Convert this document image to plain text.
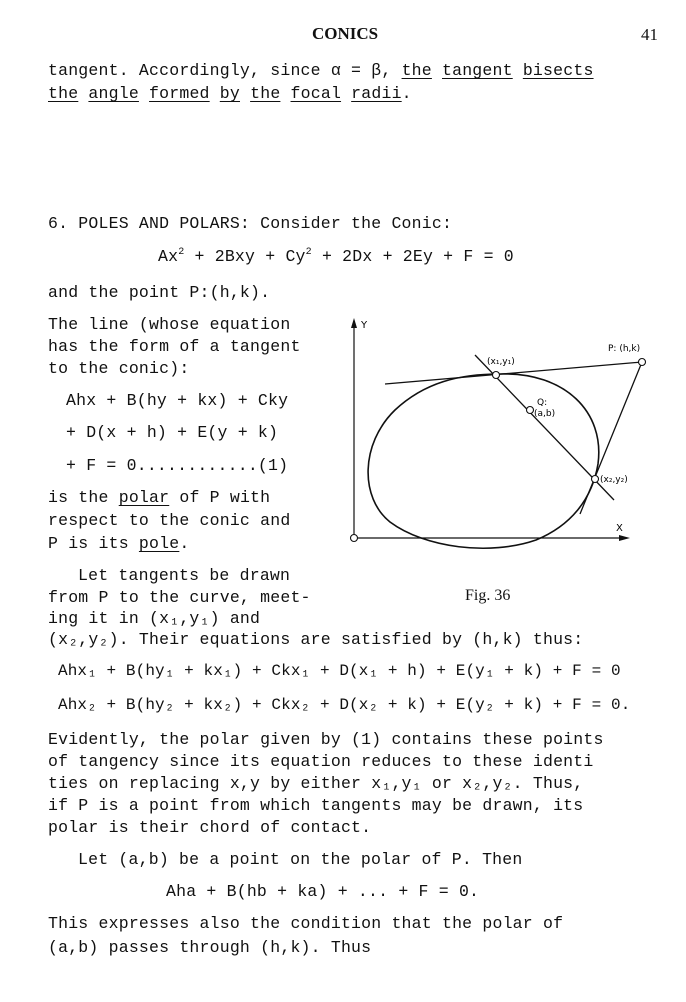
CONICS	41
tangent. Accordingly, since α = β, the tangent bisects
the angle formed by the focal radii.
6. POLES AND POLARS: Consider the Conic:
$Ax^2 + 2Bxy + Cy^2 + 2Dx + 2Ey + F = 0$
and the point P:(h,k).
The line (whose equation
has the form of a tangent
to the conic):
Ahx + B(hy + kx) + Cky
+ D(x + h) + E(y + k)
+ F = 0............(1)
is the polar of P with
respect to the conic and
P is its pole.
Let tangents be drawn
from P to the curve, meet-
ing it in (x₁,y₁) and
Y
X
P: (h,k)
(x₁,y₁)
Q:
(a,b)
(x₂,y₂)
Fig. 36
(x₂,y₂). Their equations are satisfied by (h,k) thus:
Ahx₁ + B(hy₁ + kx₁) + Ckx₁ + D(x₁ + h) + E(y₁ + k) + F = 0
Ahx₂ + B(hy₂ + kx₂) + Ckx₂ + D(x₂ + k) + E(y₂ + k) + F = 0.
Evidently, the polar given by (1) contains these points
of tangency since its equation reduces to these identi
ties on replacing x,y by either x₁,y₁ or x₂,y₂. Thus,
if P is a point from which tangents may be drawn, its
polar is their chord of contact.
Let (a,b) be a point on the polar of P. Then
Aha + B(hb + ka) + ... + F = 0.
This expresses also the condition that the polar of
(a,b) passes through (h,k). Thus
